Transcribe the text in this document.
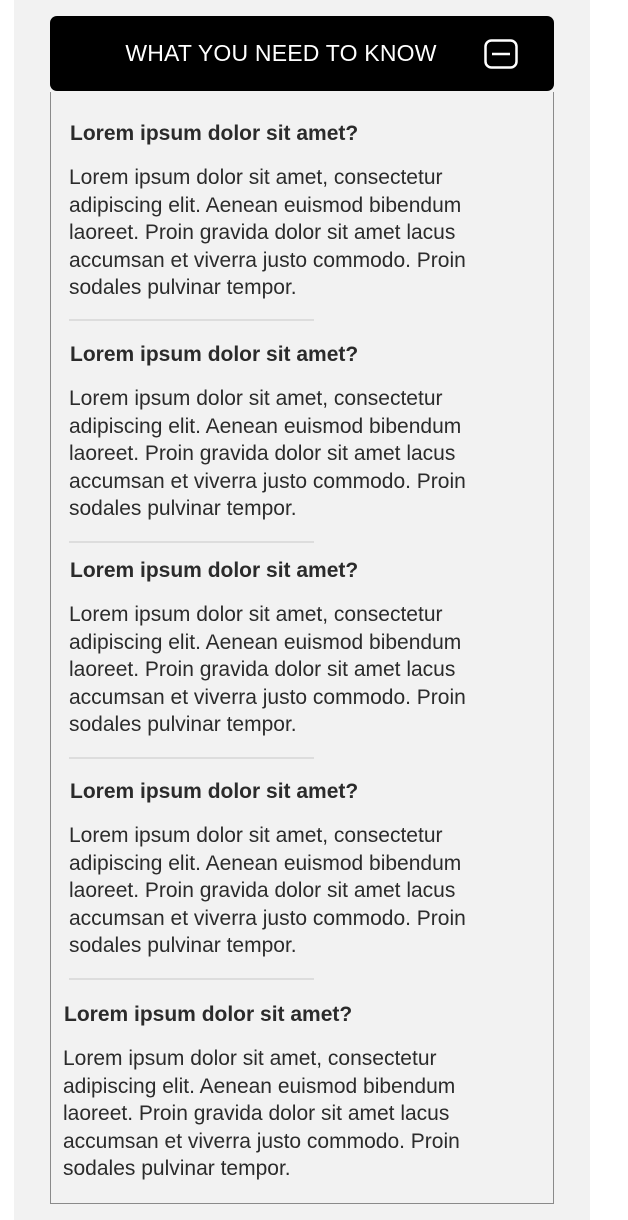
WHAT YOU NEED TO KNOW
Lorem ipsum dolor sit amet?

Lorem ipsum dolor sit amet, consectetur adipiscing elit. Aenean euismod bibendum laoreet. Proin gravida dolor sit amet lacus accumsan et viverra justo commodo. Proin sodales pulvinar tempor.

Lorem ipsum dolor sit amet?

Lorem ipsum dolor sit amet, consectetur adipiscing elit. Aenean euismod bibendum laoreet. Proin gravida dolor sit amet lacus accumsan et viverra justo commodo. Proin sodales pulvinar tempor.

Lorem ipsum dolor sit amet?

Lorem ipsum dolor sit amet, consectetur adipiscing elit. Aenean euismod bibendum laoreet. Proin gravida dolor sit amet lacus accumsan et viverra justo commodo. Proin sodales pulvinar tempor.

Lorem ipsum dolor sit amet?

Lorem ipsum dolor sit amet, consectetur adipiscing elit. Aenean euismod bibendum laoreet. Proin gravida dolor sit amet lacus accumsan et viverra justo commodo. Proin sodales pulvinar tempor.

Lorem ipsum dolor sit amet?

Lorem ipsum dolor sit amet, consectetur adipiscing elit. Aenean euismod bibendum laoreet. Proin gravida dolor sit amet lacus accumsan et viverra justo commodo. Proin sodales pulvinar tempor.
